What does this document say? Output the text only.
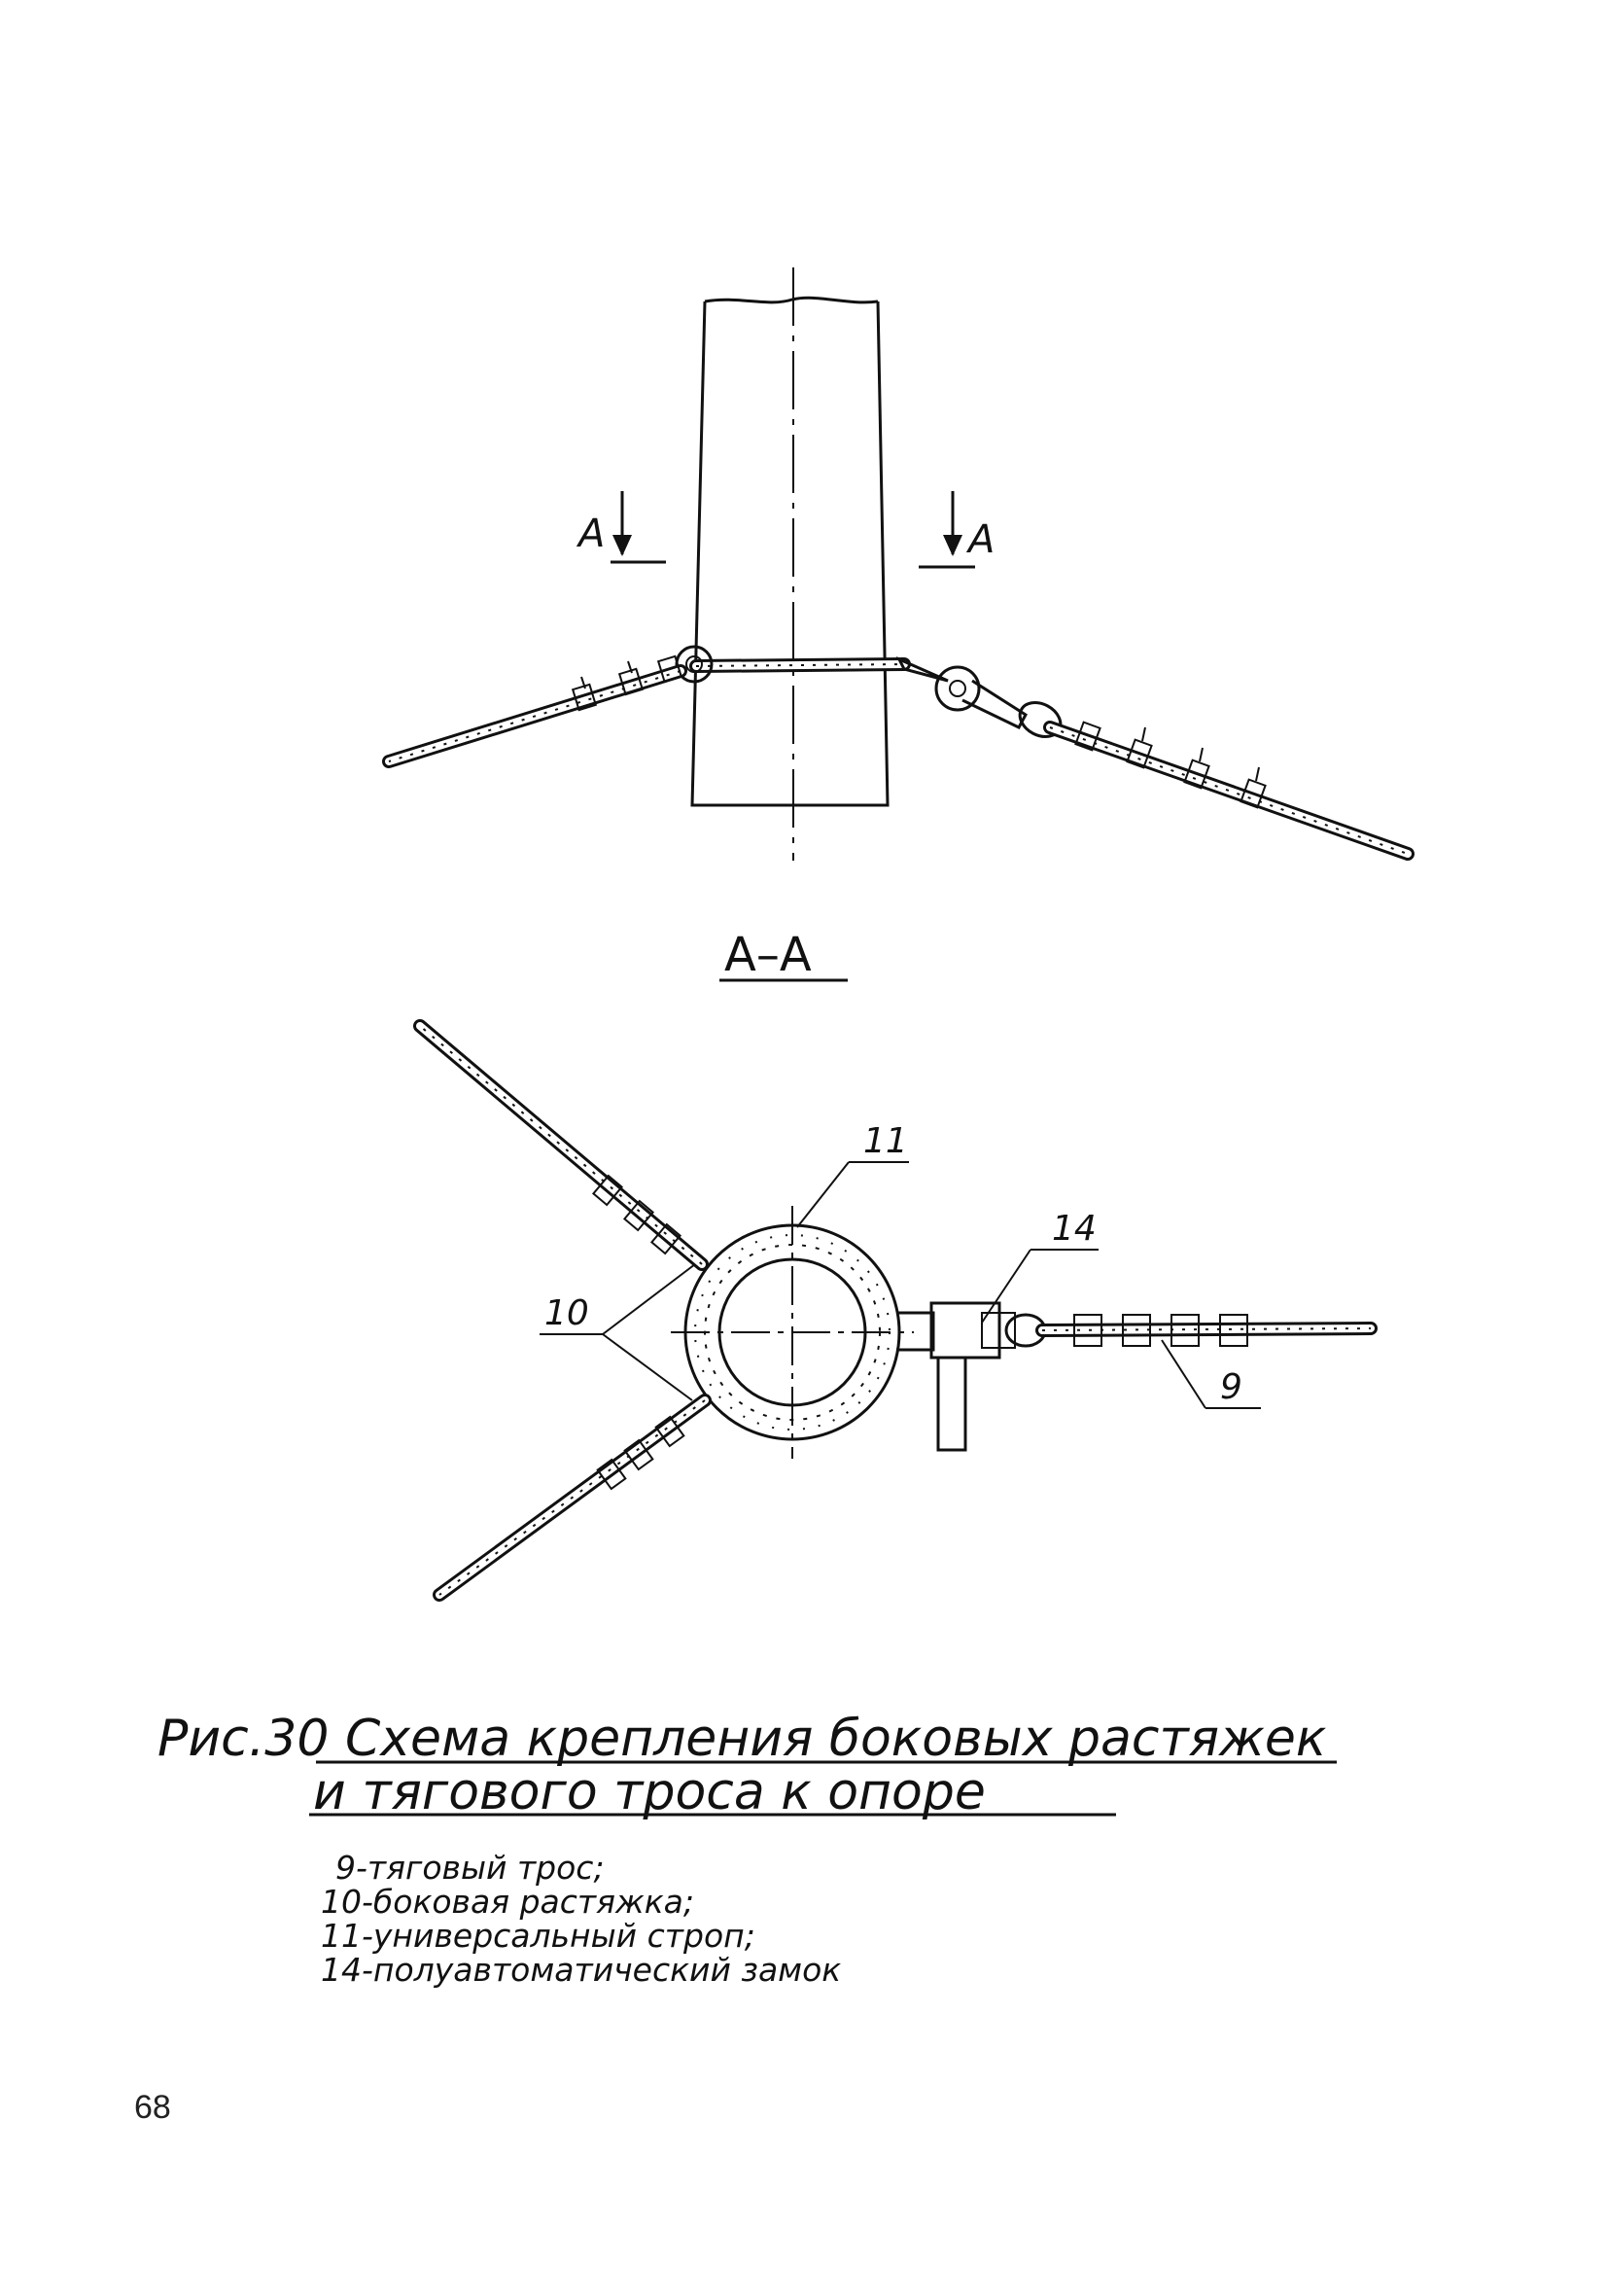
А	А
А–А
11
14
10
9
Рис.30 Схема крепления боковых растяжек
и тягового троса к опоре
9-тяговый трос;
10-боковая растяжка;
11-универсальный строп;
14-полуавтоматический замок
68
